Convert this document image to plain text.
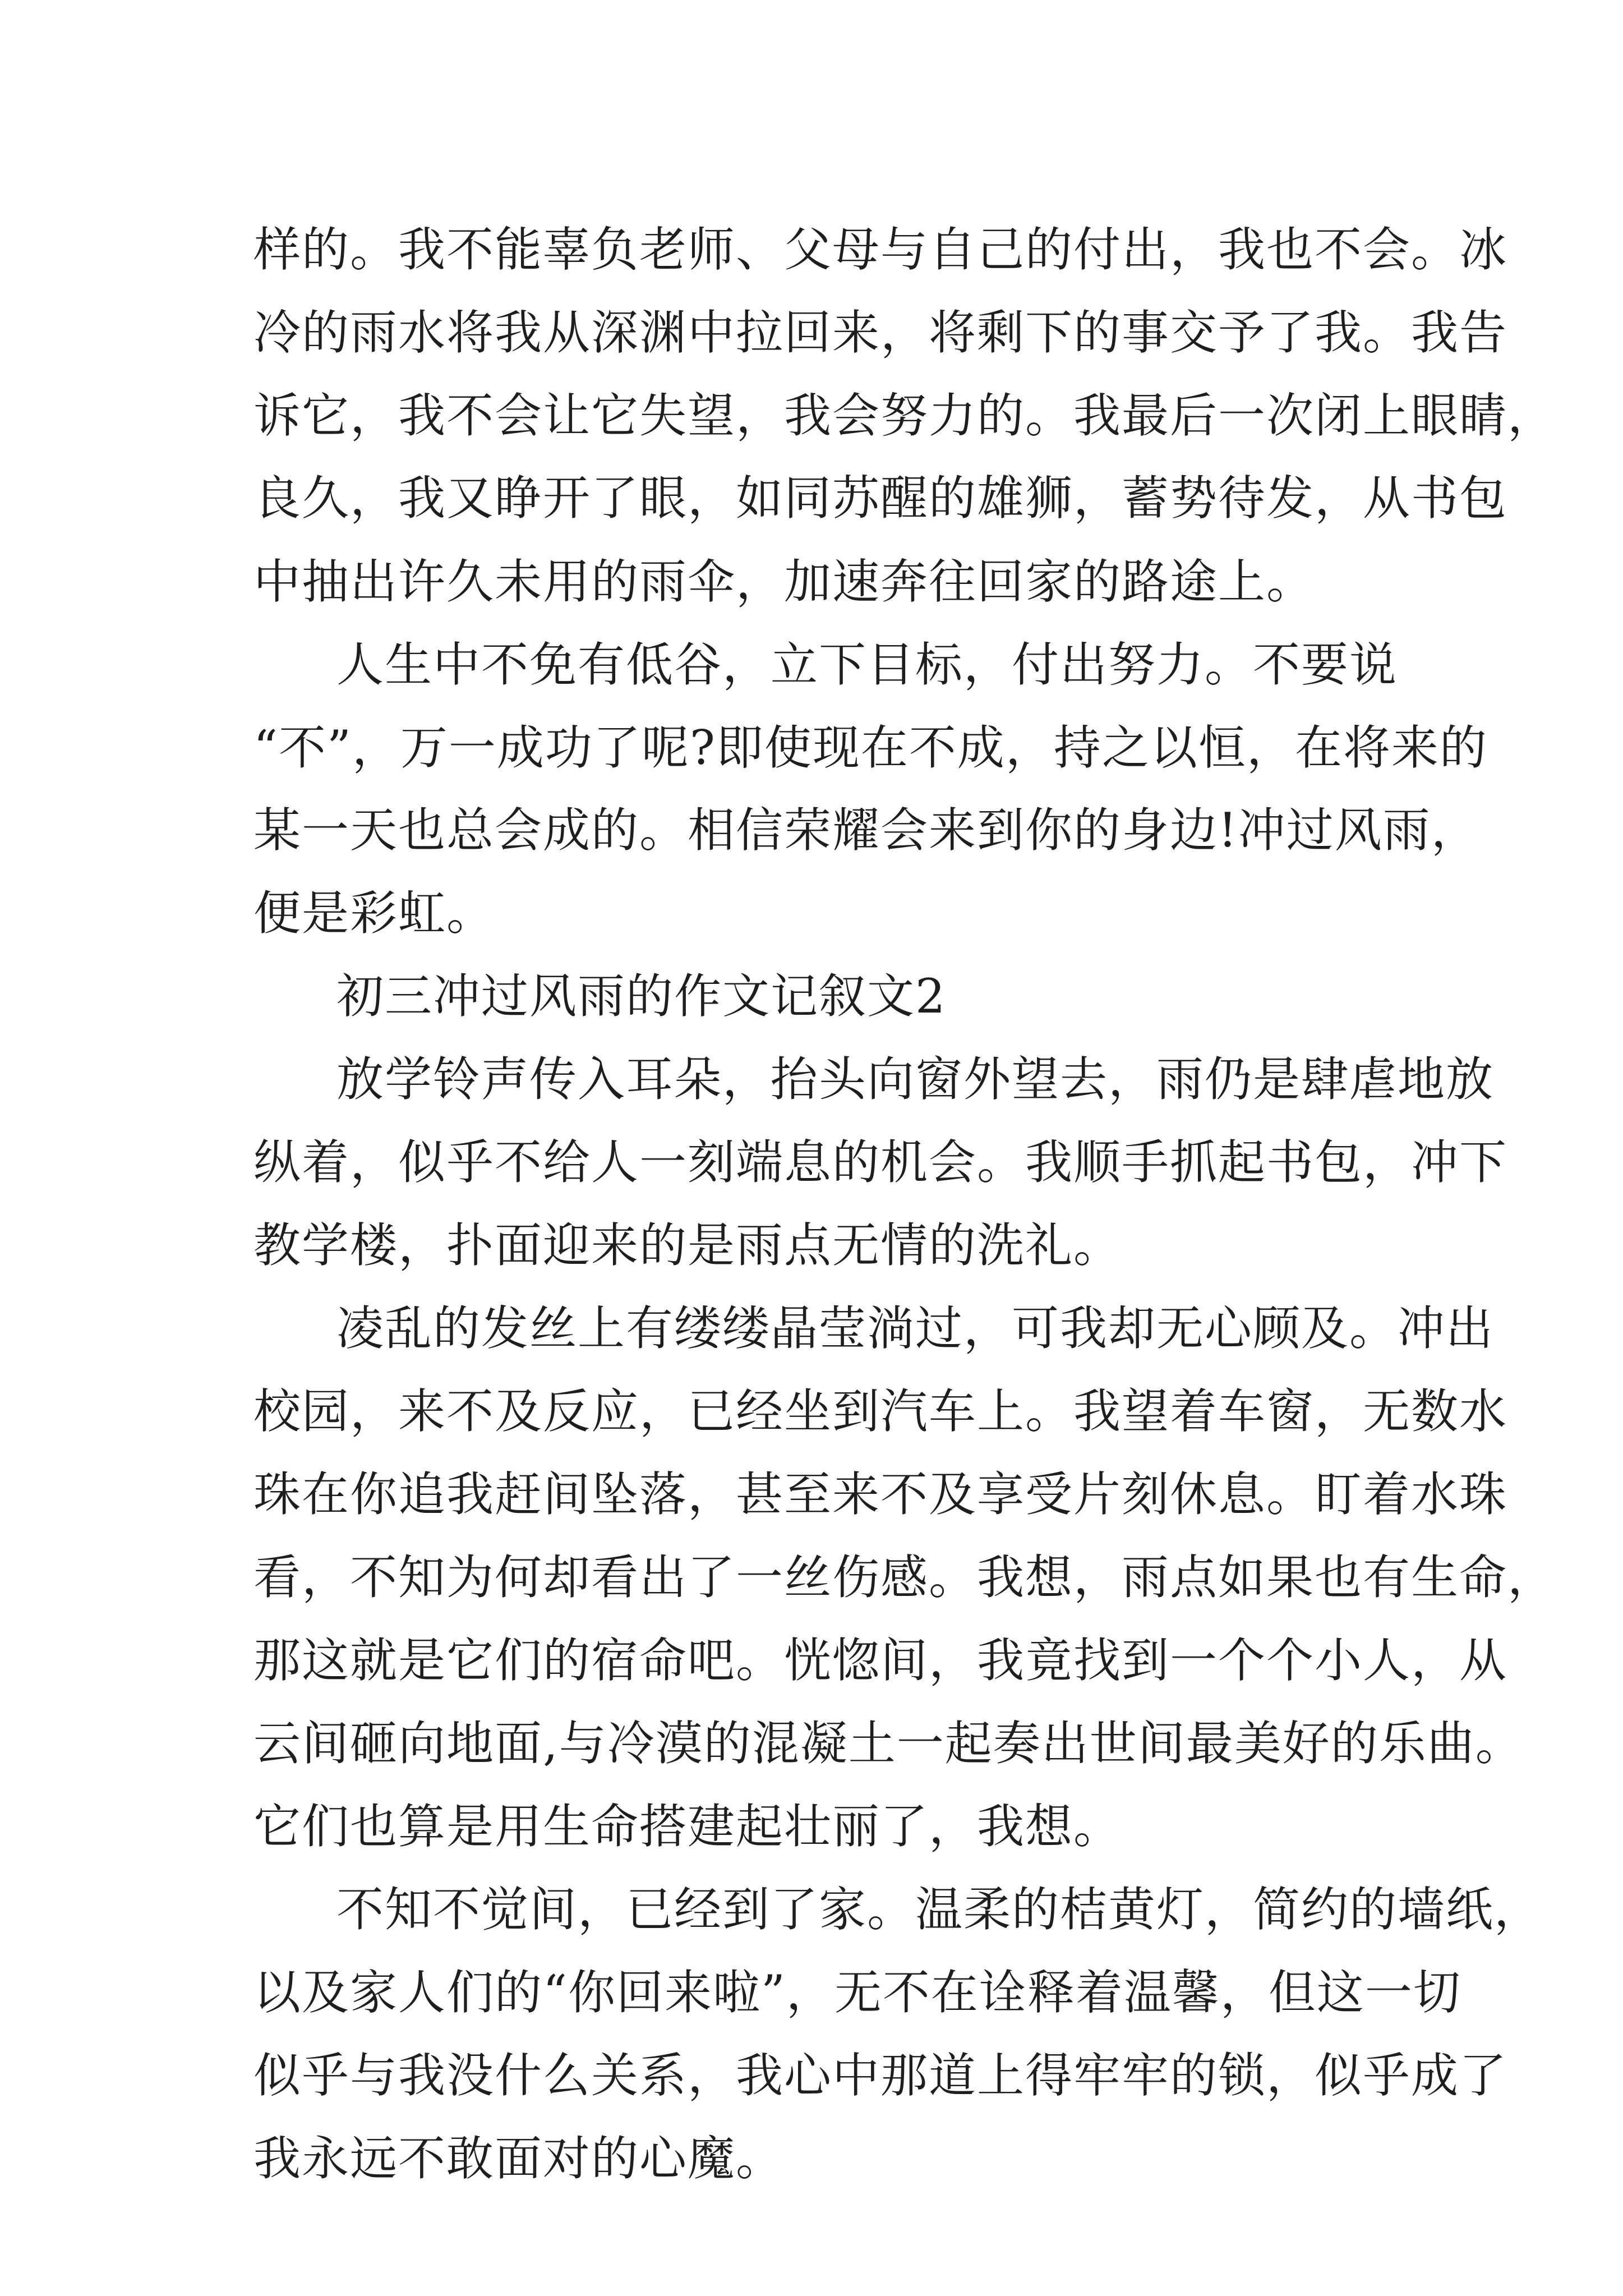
样的。我不能辜负老师、父母与自己的付出，我也不会。冰
冷的雨水将我从深渊中拉回来，将剩下的事交予了我。我告
诉它，我不会让它失望，我会努力的。我最后一次闭上眼睛，
良久，我又睁开了眼，如同苏醒的雄狮，蓄势待发，从书包
中抽出许久未用的雨伞，加速奔往回家的路途上。
人生中不免有低谷，立下目标，付出努力。不要说
“不”，万一成功了呢?即使现在不成，持之以恒，在将来的
某一天也总会成的。相信荣耀会来到你的身边!冲过风雨，
便是彩虹。
初三冲过风雨的作文记叙文2
放学铃声传入耳朵，抬头向窗外望去，雨仍是肆虐地放
纵着，似乎不给人一刻端息的机会。我顺手抓起书包，冲下
教学楼，扑面迎来的是雨点无情的洗礼。
凌乱的发丝上有缕缕晶莹淌过，可我却无心顾及。冲出
校园，来不及反应，已经坐到汽车上。我望着车窗，无数水
珠在你追我赶间坠落，甚至来不及享受片刻休息。盯着水珠
看，不知为何却看出了一丝伤感。我想，雨点如果也有生命，
那这就是它们的宿命吧。恍惚间，我竟找到一个个小人，从
云间砸向地面,与冷漠的混凝土一起奏出世间最美好的乐曲。
它们也算是用生命搭建起壮丽了，我想。
不知不觉间，已经到了家。温柔的桔黄灯，简约的墙纸，
以及家人们的“你回来啦”，无不在诠释着温馨，但这一切
似乎与我没什么关系，我心中那道上得牢牢的锁，似乎成了
我永远不敢面对的心魔。
